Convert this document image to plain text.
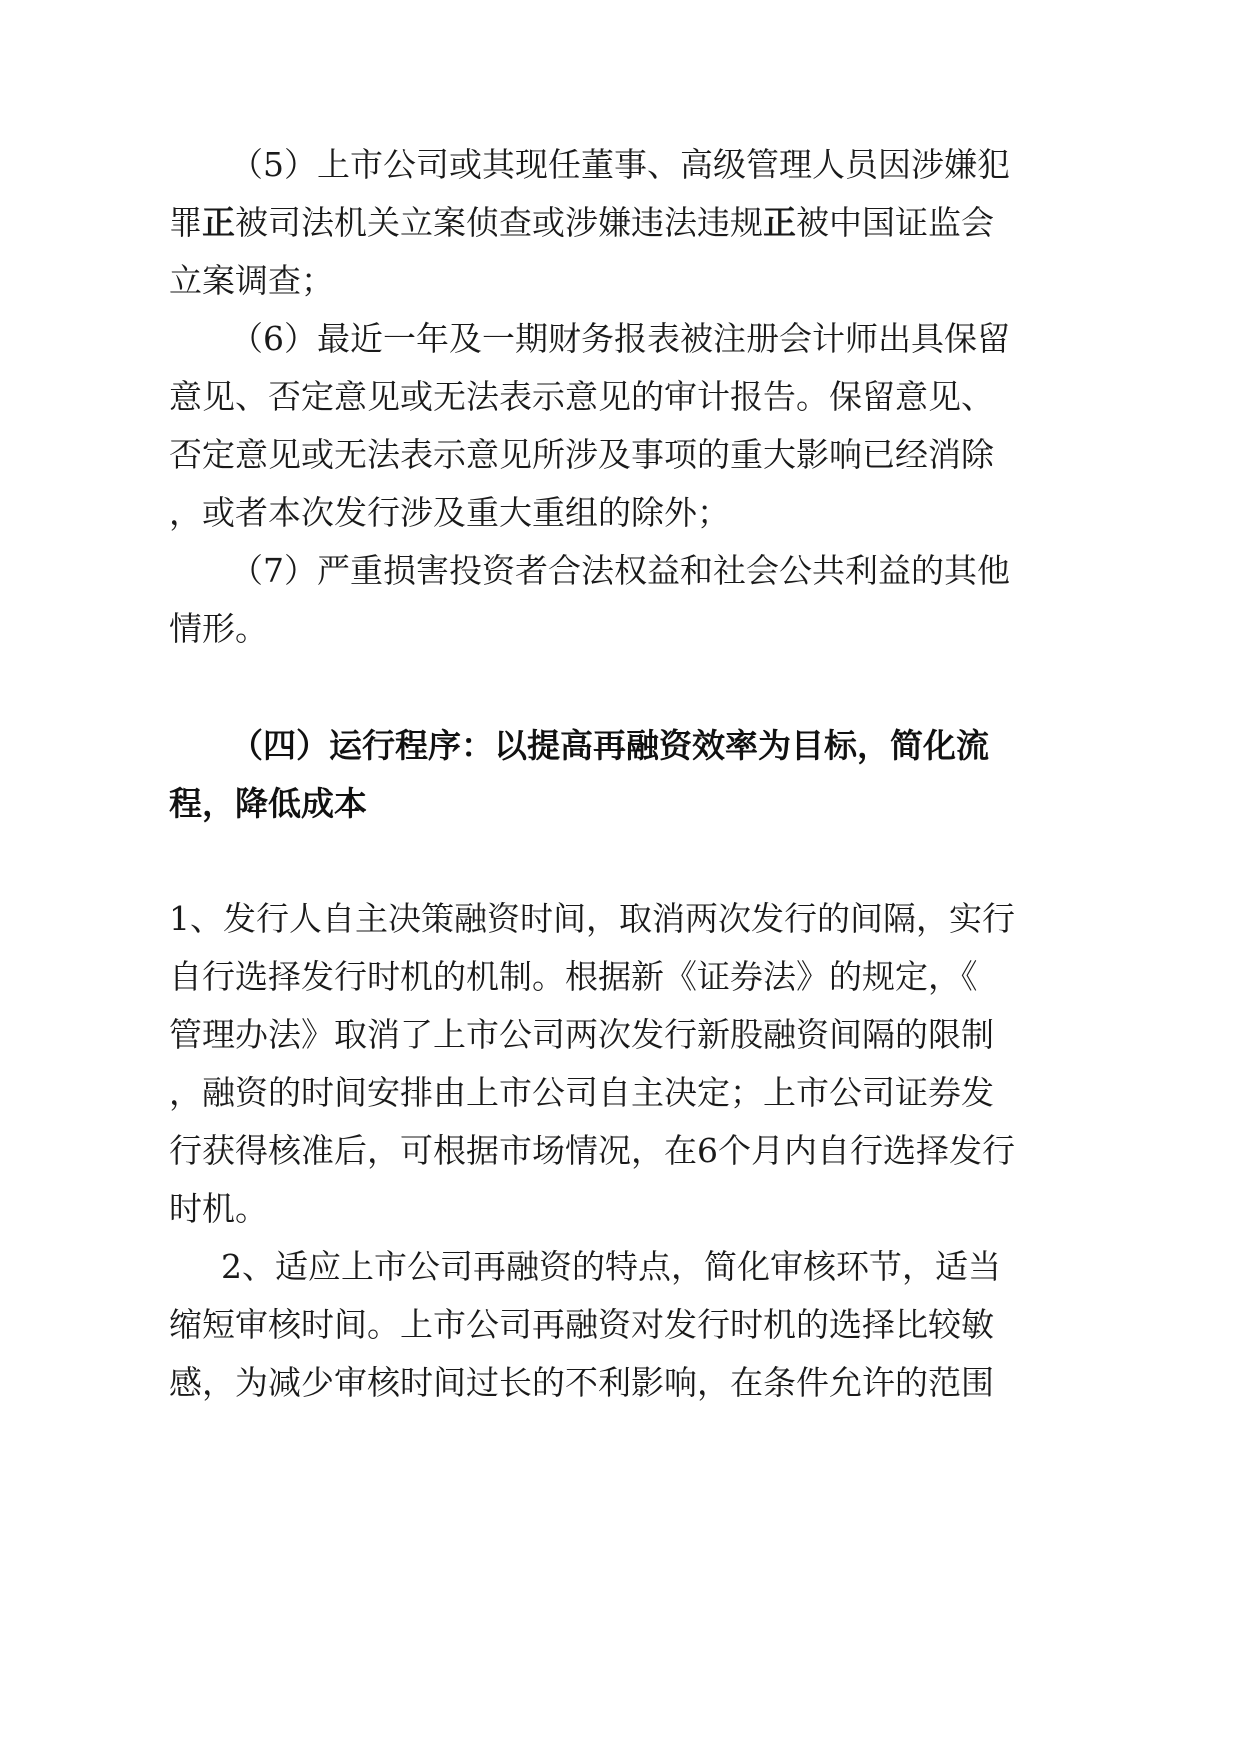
（5）上市公司或其现任董事、高级管理人员因涉嫌犯
罪正被司法机关立案侦查或涉嫌违法违规正被中国证监会
立案调查；
（6）最近一年及一期财务报表被注册会计师出具保留
意见、否定意见或无法表示意见的审计报告。保留意见、
否定意见或无法表示意见所涉及事项的重大影响已经消除
，或者本次发行涉及重大重组的除外；
（7）严重损害投资者合法权益和社会公共利益的其他
情形。
（四）运行程序：以提高再融资效率为目标，简化流
程，降低成本
1、发行人自主决策融资时间，取消两次发行的间隔，实行
自行选择发行时机的机制。根据新《证券法》的规定，《
管理办法》取消了上市公司两次发行新股融资间隔的限制
，融资的时间安排由上市公司自主决定；上市公司证券发
行获得核准后，可根据市场情况，在6个月内自行选择发行
时机。
2、适应上市公司再融资的特点，简化审核环节，适当
缩短审核时间。上市公司再融资对发行时机的选择比较敏
感，为减少审核时间过长的不利影响，在条件允许的范围
